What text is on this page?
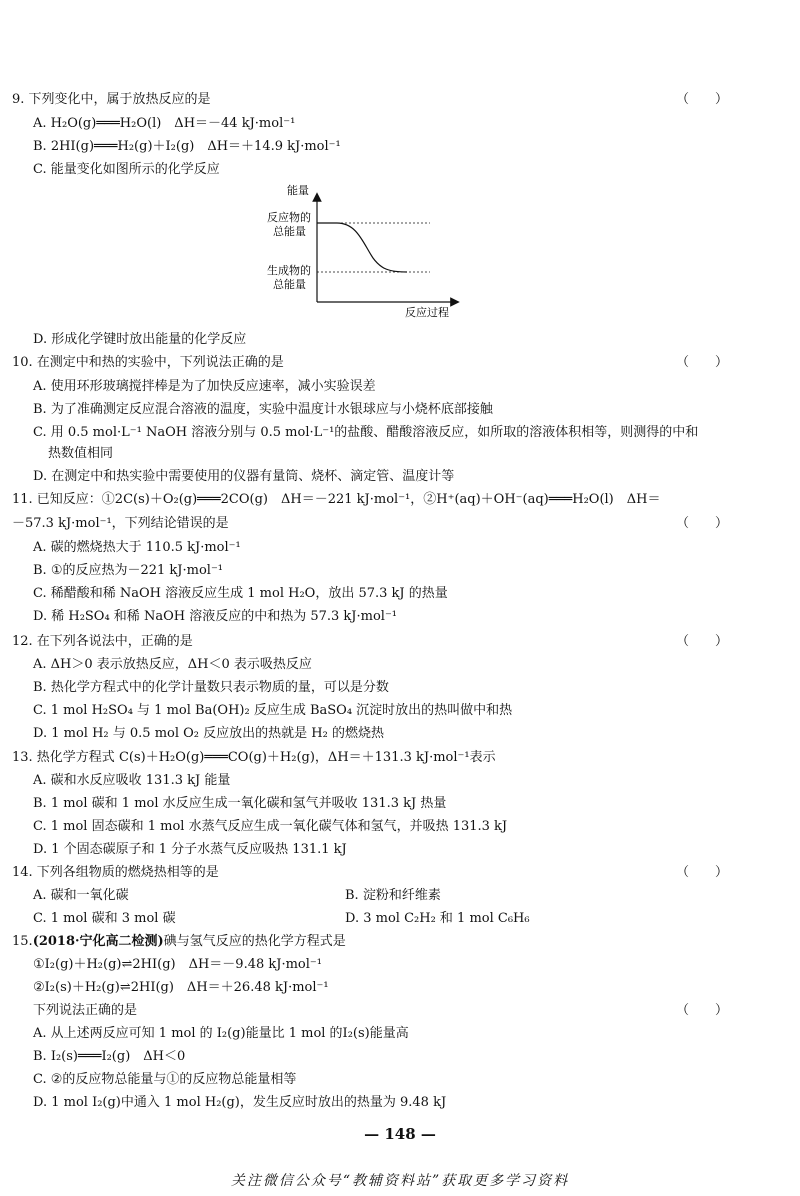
9. 下列变化中，属于放热反应的是	（　　）
A. H₂O(g)═══H₂O(l)　ΔH＝－44 kJ·mol⁻¹
B. 2HI(g)═══H₂(g)＋I₂(g)　ΔH＝＋14.9 kJ·mol⁻¹
C. 能量变化如图所示的化学反应
能量
反应物的
总能量
生成物的
总能量
反应过程
D. 形成化学键时放出能量的化学反应
10. 在测定中和热的实验中，下列说法正确的是	（　　）
A. 使用环形玻璃搅拌棒是为了加快反应速率，减小实验误差
B. 为了准确测定反应混合溶液的温度，实验中温度计水银球应与小烧杯底部接触
C. 用 0.5 mol·L⁻¹ NaOH 溶液分别与 0.5 mol·L⁻¹的盐酸、醋酸溶液反应，如所取的溶液体积相等，则测得的中和
热数值相同
D. 在测定中和热实验中需要使用的仪器有量筒、烧杯、滴定管、温度计等
11. 已知反应：①2C(s)＋O₂(g)═══2CO(g)　ΔH＝－221 kJ·mol⁻¹，②H⁺(aq)＋OH⁻(aq)═══H₂O(l)　ΔH＝
－57.3 kJ·mol⁻¹，下列结论错误的是	（　　）
A. 碳的燃烧热大于 110.5 kJ·mol⁻¹
B. ①的反应热为－221 kJ·mol⁻¹
C. 稀醋酸和稀 NaOH 溶液反应生成 1 mol H₂O，放出 57.3 kJ 的热量
D. 稀 H₂SO₄ 和稀 NaOH 溶液反应的中和热为 57.3 kJ·mol⁻¹
12. 在下列各说法中，正确的是	（　　）
A. ΔH＞0 表示放热反应，ΔH＜0 表示吸热反应
B. 热化学方程式中的化学计量数只表示物质的量，可以是分数
C. 1 mol H₂SO₄ 与 1 mol Ba(OH)₂ 反应生成 BaSO₄ 沉淀时放出的热叫做中和热
D. 1 mol H₂ 与 0.5 mol O₂ 反应放出的热就是 H₂ 的燃烧热
13. 热化学方程式 C(s)＋H₂O(g)═══CO(g)＋H₂(g)，ΔH＝＋131.3 kJ·mol⁻¹表示
A. 碳和水反应吸收 131.3 kJ 能量
B. 1 mol 碳和 1 mol 水反应生成一氧化碳和氢气并吸收 131.3 kJ 热量
C. 1 mol 固态碳和 1 mol 水蒸气反应生成一氧化碳气体和氢气，并吸热 131.3 kJ
D. 1 个固态碳原子和 1 分子水蒸气反应吸热 131.1 kJ
14. 下列各组物质的燃烧热相等的是	（　　）
A. 碳和一氧化碳	B. 淀粉和纤维素
C. 1 mol 碳和 3 mol 碳	D. 3 mol C₂H₂ 和 1 mol C₆H₆
15.(2018·宁化高二检测)碘与氢气反应的热化学方程式是
①I₂(g)＋H₂(g)⇌2HI(g)　ΔH＝－9.48 kJ·mol⁻¹
②I₂(s)＋H₂(g)⇌2HI(g)　ΔH＝＋26.48 kJ·mol⁻¹
下列说法正确的是	（　　）
A. 从上述两反应可知 1 mol 的 I₂(g)能量比 1 mol 的I₂(s)能量高
B. I₂(s)═══I₂(g)　ΔH＜0
C. ②的反应物总能量与①的反应物总能量相等
D. 1 mol I₂(g)中通入 1 mol H₂(g)，发生反应时放出的热量为 9.48 kJ
— 148 —
关注微信公众号“教辅资料站”获取更多学习资料
